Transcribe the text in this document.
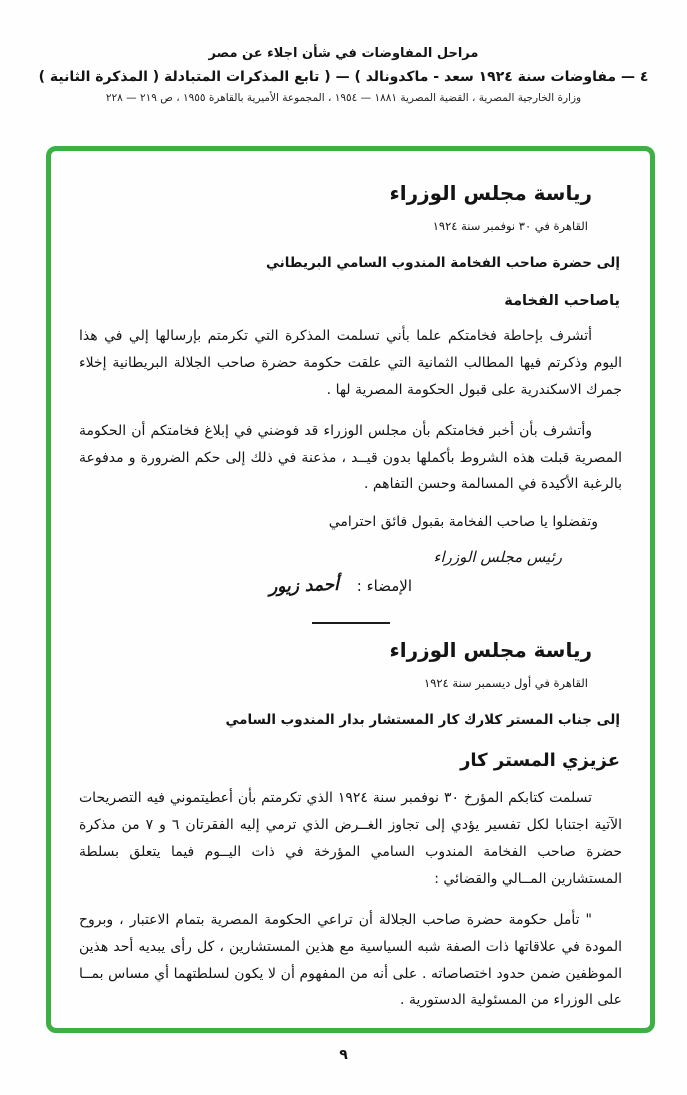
مراحل المفاوضات في شأن اجلاء عن مصر
٤ — مفاوضات سنة ١٩٢٤ سعد - ماكدونالد ) — ( تابع المذكرات المتبادلة ( المذكرة الثانية )
وزارة الخارجية المصرية ، القضية المصرية ١٨٨١ — ١٩٥٤ ، المجموعة الأميرية بالقاهرة ١٩٥٥ ، ص ٢١٩ — ٢٢٨
رياسة مجلس الوزراء
القاهرة في ٣٠ نوفمبر سنة ١٩٢٤
إلى حضرة صاحب الفخامة المندوب السامي البريطاني
ياصاحب الفخامة

أتشرف بإحاطة فخامتكم علما بأني تسلمت المذكرة التي تكرمتم بإرسالها إلي في هذا اليوم وذكرتم فيها المطالب الثمانية التي علقت حكومة حضرة صاحب الجلالة البريطانية إخلاء جمرك الاسكندرية على قبول الحكومة المصرية لها .

وأتشرف بأن أخبر فخامتكم بأن مجلس الوزراء قد فوضني في إبلاغ فخامتكم أن الحكومة المصرية قبلت هذه الشروط بأكملها بدون قيــد ، مذعنة في ذلك إلى حكم الضرورة و مدفوعة بالرغبة الأكيدة في المسالمة وحسن التفاهم .

وتفضلوا يا صاحب الفخامة بقبول فائق احترامي
رئيس مجلس الوزراء
الإمضاء :
أحمد زيور
رياسة مجلس الوزراء
القاهرة في أول ديسمبر سنة ١٩٢٤
إلى جناب المستر كلارك كار المستشار بدار المندوب السامي
عزيزي المستر كار

تسلمت كتابكم المؤرخ ٣٠ نوفمبر سنة ١٩٢٤ الذي تكرمتم بأن أعطيتموني فيه التصريحات الآتية اجتنابا لكل تفسير يؤدي إلى تجاوز الغــرض الذي ترمي إليه الفقرتان ٦ و ٧ من مذكرة حضرة صاحب الفخامة المندوب السامي المؤرخة في ذات اليــوم فيما يتعلق بسلطة المستشارين المــالي والقضائي :

" تأمل حكومة حضرة صاحب الجلالة أن تراعي الحكومة المصرية بتمام الاعتبار ، وبروح المودة في علاقاتها ذات الصفة شبه السياسية مع هذين المستشارين ، كل رأى يبديه أحد هذين الموظفين ضمن حدود اختصاصاته . على أنه من المفهوم أن لا يكون لسلطتهما أي مساس بمــا على الوزراء من المسئولية الدستورية .

٩
